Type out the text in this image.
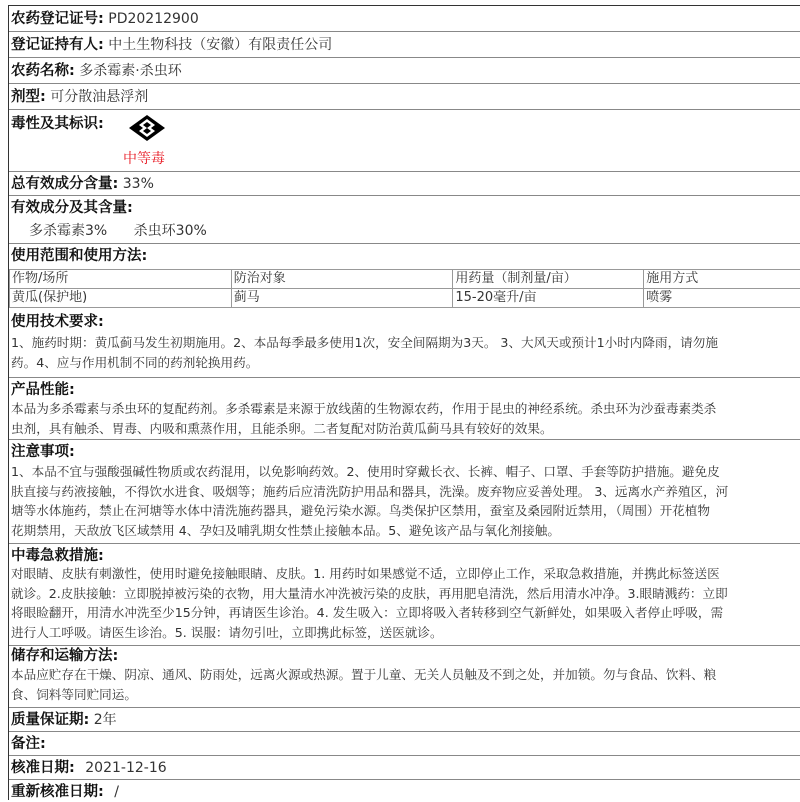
农药登记证号: PD20212900
登记证持有人: 中土生物科技（安徽）有限责任公司
农药名称: 多杀霉素·杀虫环
剂型: 可分散油悬浮剂
毒性及其标识:
中等毒
总有效成分含量: 33%
有效成分及其含量:
多杀霉素3% 杀虫环30%
使用范围和使用方法:
作物/场所	防治对象	用药量（制剂量/亩）	施用方式
黄瓜(保护地)	蓟马	15-20毫升/亩	喷雾
使用技术要求:
1、施药时期：黄瓜蓟马发生初期施用。2、本品每季最多使用1次，安全间隔期为3天。 3、大风天或预计1小时内降雨，请勿施
药。4、应与作用机制不同的药剂轮换用药。
产品性能:
本品为多杀霉素与杀虫环的复配药剂。多杀霉素是来源于放线菌的生物源农药，作用于昆虫的神经系统。杀虫环为沙蚕毒素类杀
虫剂，具有触杀、胃毒、内吸和熏蒸作用，且能杀卵。二者复配对防治黄瓜蓟马具有较好的效果。
注意事项:
1、本品不宜与强酸强碱性物质或农药混用，以免影响药效。2、使用时穿戴长衣、长裤、帽子、口罩、手套等防护措施。避免皮
肤直接与药液接触，不得饮水进食、吸烟等；施药后应清洗防护用品和器具，洗澡。废弃物应妥善处理。 3、远离水产养殖区，河
塘等水体施药，禁止在河塘等水体中清洗施药器具，避免污染水源。鸟类保护区禁用，蚕室及桑园附近禁用，（周围）开花植物
花期禁用，天敌放飞区域禁用 4、孕妇及哺乳期女性禁止接触本品。5、避免该产品与氧化剂接触。
中毒急救措施:
对眼睛、皮肤有刺激性，使用时避免接触眼睛、皮肤。1. 用药时如果感觉不适，立即停止工作，采取急救措施，并携此标签送医
就诊。2.皮肤接触：立即脱掉被污染的衣物，用大量清水冲洗被污染的皮肤，再用肥皂清洗，然后用清水冲净。3.眼睛溅药：立即
将眼睑翻开，用清水冲洗至少15分钟，再请医生诊治。4. 发生吸入：立即将吸入者转移到空气新鲜处，如果吸入者停止呼吸，需
进行人工呼吸。请医生诊治。5. 误服：请勿引吐，立即携此标签，送医就诊。
储存和运输方法:
本品应贮存在干燥、阴凉、通风、防雨处，远离火源或热源。置于儿童、无关人员触及不到之处，并加锁。勿与食品、饮料、粮
食、饲料等同贮同运。
质量保证期: 2年
备注:
核准日期: 2021-12-16
重新核准日期: /
